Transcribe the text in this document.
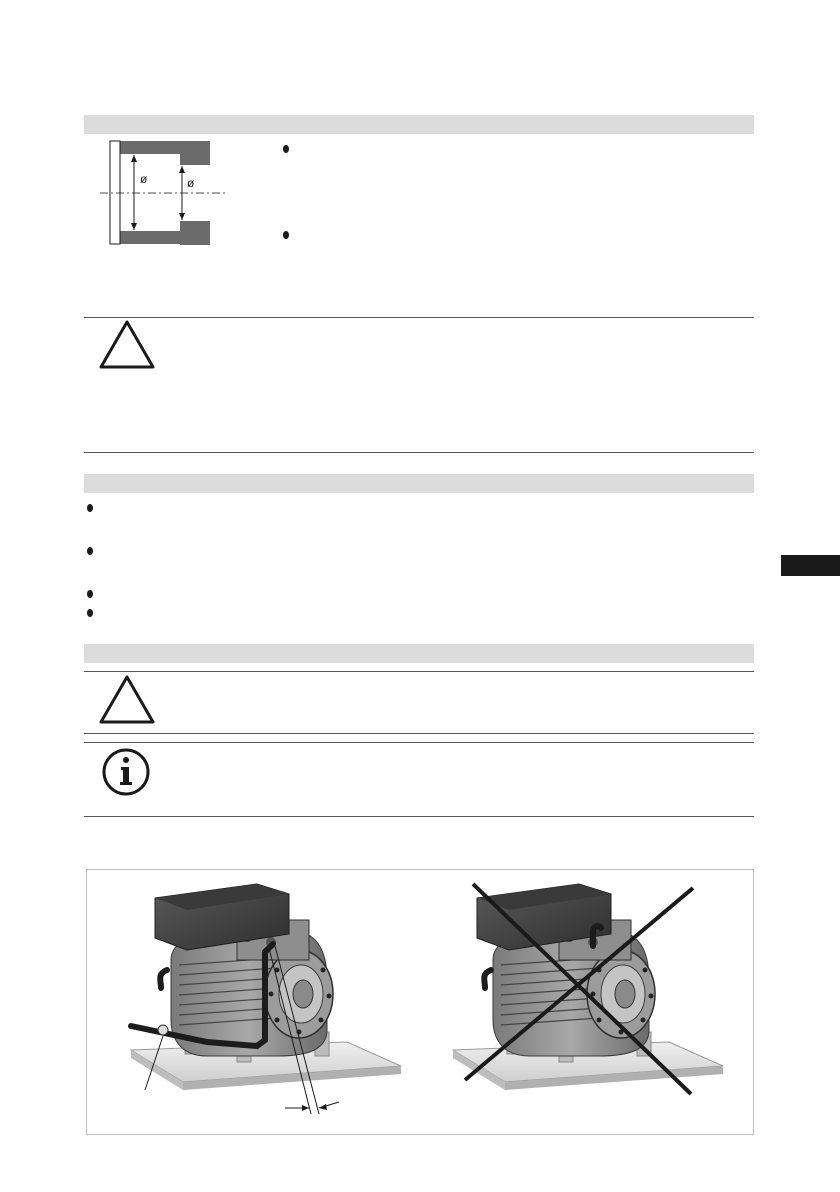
ø	ø
